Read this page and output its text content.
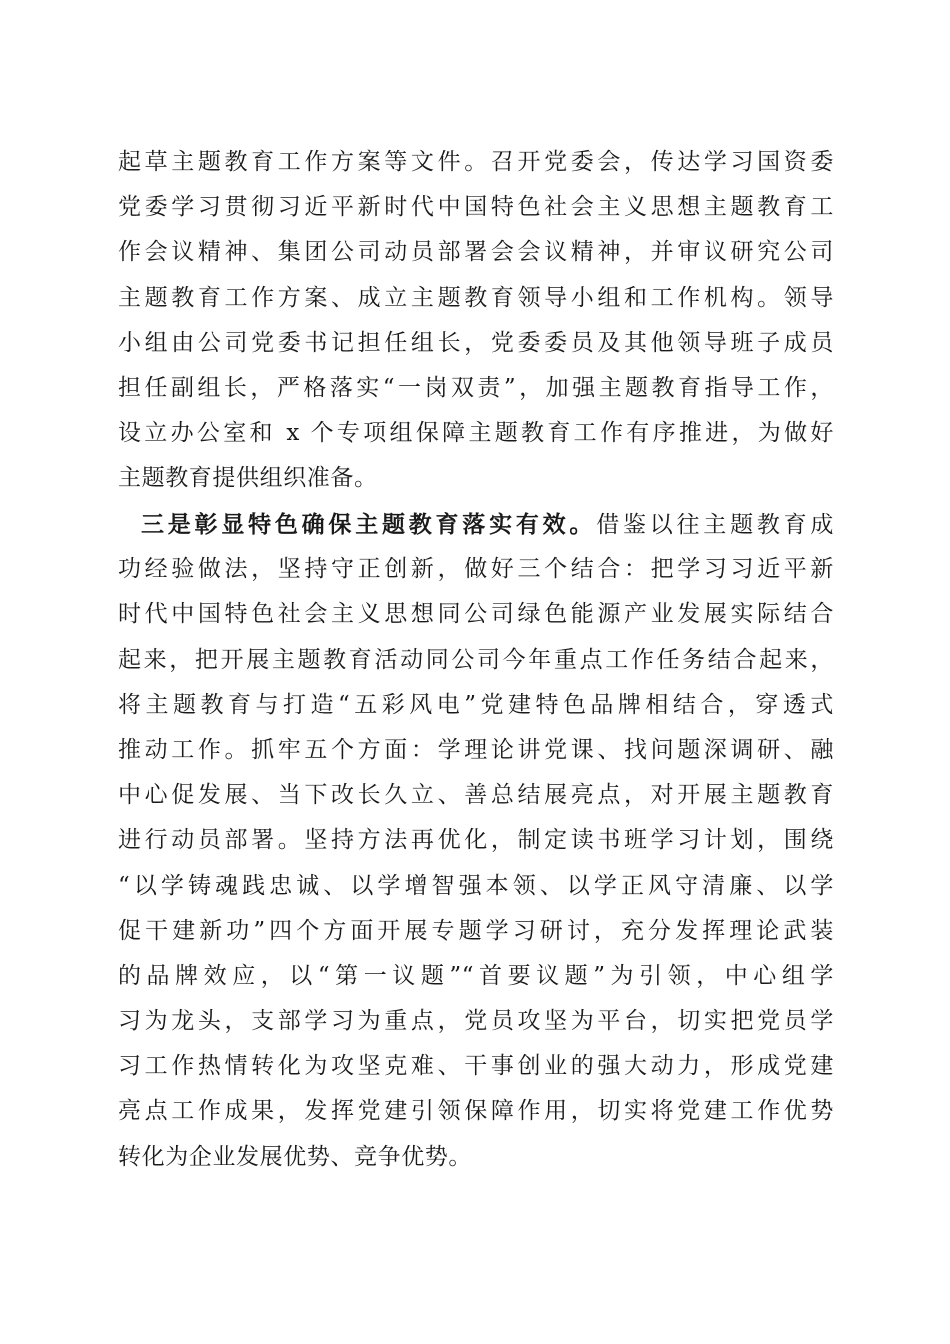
起草主题教育工作方案等文件。召开党委会，传达学习国资委
党委学习贯彻习近平新时代中国特色社会主义思想主题教育工
作会议精神、集团公司动员部署会会议精神，并审议研究公司
主题教育工作方案、成立主题教育领导小组和工作机构。领导
小组由公司党委书记担任组长，党委委员及其他领导班子成员
担任副组长，严格落实“一岗双责”，加强主题教育指导工作，
设立办公室和 x 个专项组保障主题教育工作有序推进，为做好
主题教育提供组织准备。
三是彰显特色确保主题教育落实有效。借鉴以往主题教育成
功经验做法，坚持守正创新，做好三个结合：把学习习近平新
时代中国特色社会主义思想同公司绿色能源产业发展实际结合
起来，把开展主题教育活动同公司今年重点工作任务结合起来，
将主题教育与打造“五彩风电”党建特色品牌相结合，穿透式
推动工作。抓牢五个方面：学理论讲党课、找问题深调研、融
中心促发展、当下改长久立、善总结展亮点，对开展主题教育
进行动员部署。坚持方法再优化，制定读书班学习计划，围绕
“以学铸魂践忠诚、以学增智强本领、以学正风守清廉、以学
促干建新功”四个方面开展专题学习研讨，充分发挥理论武装
的品牌效应，以“第一议题”“首要议题”为引领，中心组学
习为龙头，支部学习为重点，党员攻坚为平台，切实把党员学
习工作热情转化为攻坚克难、干事创业的强大动力，形成党建
亮点工作成果，发挥党建引领保障作用，切实将党建工作优势
转化为企业发展优势、竞争优势。
